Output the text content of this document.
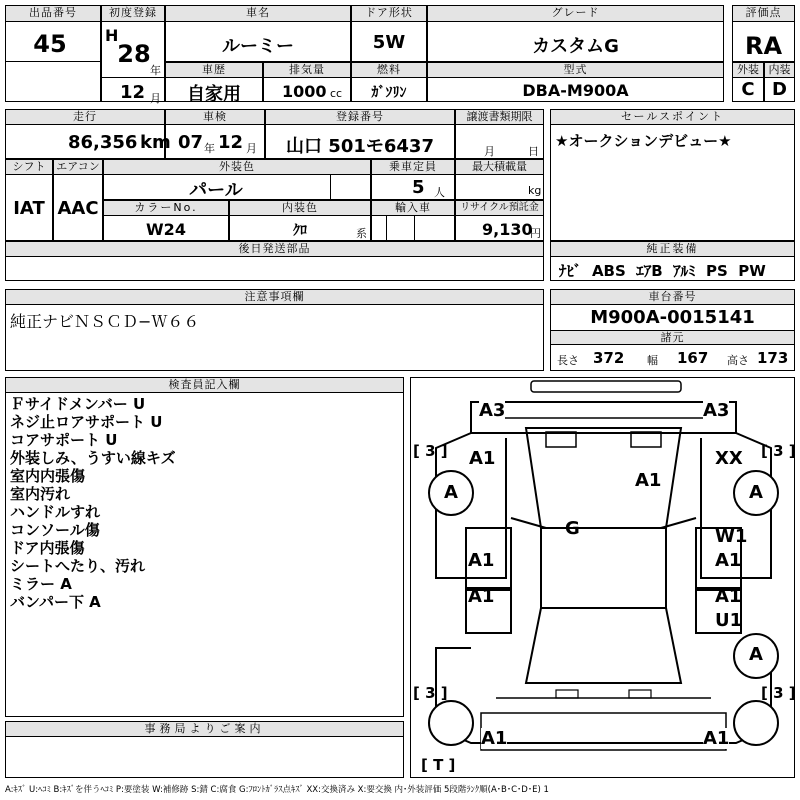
出品番号
45
初度登録
H
28
年
12 月
車名
ルーミー
ドア形状
5W
グレード
カスタムG
評価点
RA
車歴
自家用
排気量
1000 cc
燃料
ｶﾞｿﾘﾝ
型式
DBA-M900A
外装
C
内装
D
走行
86,356 km
車検
07 年 12 月
登録番号
山口 501モ6437
譲渡書類期限
月	日
シフト
IAT
エアコン
AAC
外装色
パール
乗車定員
5 人
最大積載量
kg
カラーNo.
W24
内装色
ｸﾛ	系
輸入車	リサイクル預託金
9,130
円
後日発送部品
セールスポイント
★オークションデビュー★
純正装備
ﾅﾋﾞ  ABS  ｴｱB  ｱﾙﾐ  PS  PW
注意事項欄
純正ナビＮＳＣＤ−Ｗ６６
車台番号
M900A-0015141
諸元
長さ 372 幅 167 高さ 173
検査員記入欄
Ｆサイドメンバー U
ネジ止ロアサポート U
コアサポート U
外装しみ、うすい線キズ
室内内張傷
室内汚れ
ハンドルすれ
コンソール傷
ドア内張傷
シートへたり、汚れ
ミラー A
バンパー下 A
事務局よりご案内
A3	A3
[ 3 ]	[ 3 ]
A1	XX
A	A
A1
G
A1
A1
W1
A1
A1
U1
A
[ 3 ]	[ 3 ]
A1	A1
[ T ]
A:ｷｽﾞ U:ﾍｺﾐ B:ｷｽﾞを伴うﾍｺﾐ P:要塗装 W:補修跡 S:錆 C:腐食 G:ﾌﾛﾝﾄｶﾞﾗｽ点ｷｽﾞ XX:交換済み X:要交換 内･外装評価 5段階ﾗﾝｸ順(A･B･C･D･E) 1
